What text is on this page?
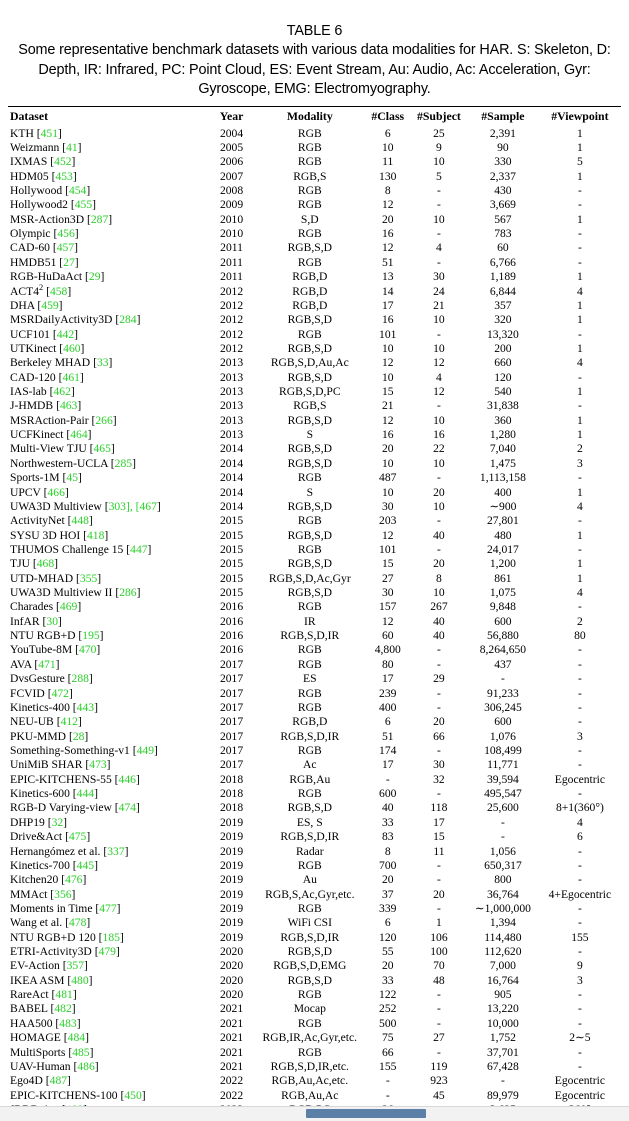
TABLE 6
Some representative benchmark datasets with various data modalities for HAR. S: Skeleton, D: Depth, IR: Infrared, PC: Point Cloud, ES: Event Stream, Au: Audio, Ac: Acceleration, Gyr: Gyroscope, EMG: Electromyography.
Dataset	Year	Modality	#Class	#Subject	#Sample	#Viewpoint
KTH [451]	2004	RGB	6	25	2,391	1
Weizmann [41]	2005	RGB	10	9	90	1
IXMAS [452]	2006	RGB	11	10	330	5
HDM05 [453]	2007	RGB,S	130	5	2,337	1
Hollywood [454]	2008	RGB	8	-	430	-
Hollywood2 [455]	2009	RGB	12	-	3,669	-
MSR-Action3D [287]	2010	S,D	20	10	567	1
Olympic [456]	2010	RGB	16	-	783	-
CAD-60 [457]	2011	RGB,S,D	12	4	60	-
HMDB51 [27]	2011	RGB	51	-	6,766	-
RGB-HuDaAct [29]	2011	RGB,D	13	30	1,189	1
$ACT4^2$ [458]	2012	RGB,D	14	24	6,844	4
DHA [459]	2012	RGB,D	17	21	357	1
MSRDailyActivity3D [284]	2012	RGB,S,D	16	10	320	1
UCF101 [442]	2012	RGB	101	-	13,320	-
UTKinect [460]	2012	RGB,S,D	10	10	200	1
Berkeley MHAD [33]	2013	RGB,S,D,Au,Ac	12	12	660	4
CAD-120 [461]	2013	RGB,S,D	10	4	120	-
IAS-lab [462]	2013	RGB,S,D,PC	15	12	540	1
J-HMDB [463]	2013	RGB,S	21	-	31,838	-
MSRAction-Pair [266]	2013	RGB,S,D	12	10	360	1
UCFKinect [464]	2013	S	16	16	1,280	1
Multi-View TJU [465]	2014	RGB,S,D	20	22	7,040	2
Northwestern-UCLA [285]	2014	RGB,S,D	10	10	1,475	3
Sports-1M [45]	2014	RGB	487	-	1,113,158	-
UPCV [466]	2014	S	10	20	400	1
UWA3D Multiview [303], [467]	2014	RGB,S,D	30	10	∼900	4
ActivityNet [448]	2015	RGB	203	-	27,801	-
SYSU 3D HOI [418]	2015	RGB,S,D	12	40	480	1
THUMOS Challenge 15 [447]	2015	RGB	101	-	24,017	-
TJU [468]	2015	RGB,S,D	15	20	1,200	1
UTD-MHAD [355]	2015	RGB,S,D,Ac,Gyr	27	8	861	1
UWA3D Multiview II [286]	2015	RGB,S,D	30	10	1,075	4
Charades [469]	2016	RGB	157	267	9,848	-
InfAR [30]	2016	IR	12	40	600	2
NTU RGB+D [195]	2016	RGB,S,D,IR	60	40	56,880	80
YouTube-8M [470]	2016	RGB	4,800	-	8,264,650	-
AVA [471]	2017	RGB	80	-	437	-
DvsGesture [288]	2017	ES	17	29	-	-
FCVID [472]	2017	RGB	239	-	91,233	-
Kinetics-400 [443]	2017	RGB	400	-	306,245	-
NEU-UB [412]	2017	RGB,D	6	20	600	-
PKU-MMD [28]	2017	RGB,S,D,IR	51	66	1,076	3
Something-Something-v1 [449]	2017	RGB	174	-	108,499	-
UniMiB SHAR [473]	2017	Ac	17	30	11,771	-
EPIC-KITCHENS-55 [446]	2018	RGB,Au	-	32	39,594	Egocentric
Kinetics-600 [444]	2018	RGB	600	-	495,547	-
RGB-D Varying-view [474]	2018	RGB,S,D	40	118	25,600	8+1(360°)
DHP19 [32]	2019	ES, S	33	17	-	4
Drive&Act [475]	2019	RGB,S,D,IR	83	15	-	6
Hernangómez et al. [337]	2019	Radar	8	11	1,056	-
Kinetics-700 [445]	2019	RGB	700	-	650,317	-
Kitchen20 [476]	2019	Au	20	-	800	-
MMAct [356]	2019	RGB,S,Ac,Gyr,etc.	37	20	36,764	4+Egocentric
Moments in Time [477]	2019	RGB	339	-	∼1,000,000	-
Wang et al. [478]	2019	WiFi CSI	6	1	1,394	-
NTU RGB+D 120 [185]	2019	RGB,S,D,IR	120	106	114,480	155
ETRI-Activity3D [479]	2020	RGB,S,D	55	100	112,620	-
EV-Action [357]	2020	RGB,S,D,EMG	20	70	7,000	9
IKEA ASM [480]	2020	RGB,S,D	33	48	16,764	3
RareAct [481]	2020	RGB	122	-	905	-
BABEL [482]	2021	Mocap	252	-	13,220	-
HAA500 [483]	2021	RGB	500	-	10,000	-
HOMAGE [484]	2021	RGB,IR,Ac,Gyr,etc.	75	27	1,752	2∼5
MultiSports [485]	2021	RGB	66	-	37,701	-
UAV-Human [486]	2021	RGB,S,D,IR,etc.	155	119	67,428	-
Ego4D [487]	2022	RGB,Au,Ac,etc.	-	923	-	Egocentric
EPIC-KITCHENS-100 [450]	2022	RGB,Au,Ac	-	45	89,979	Egocentric
